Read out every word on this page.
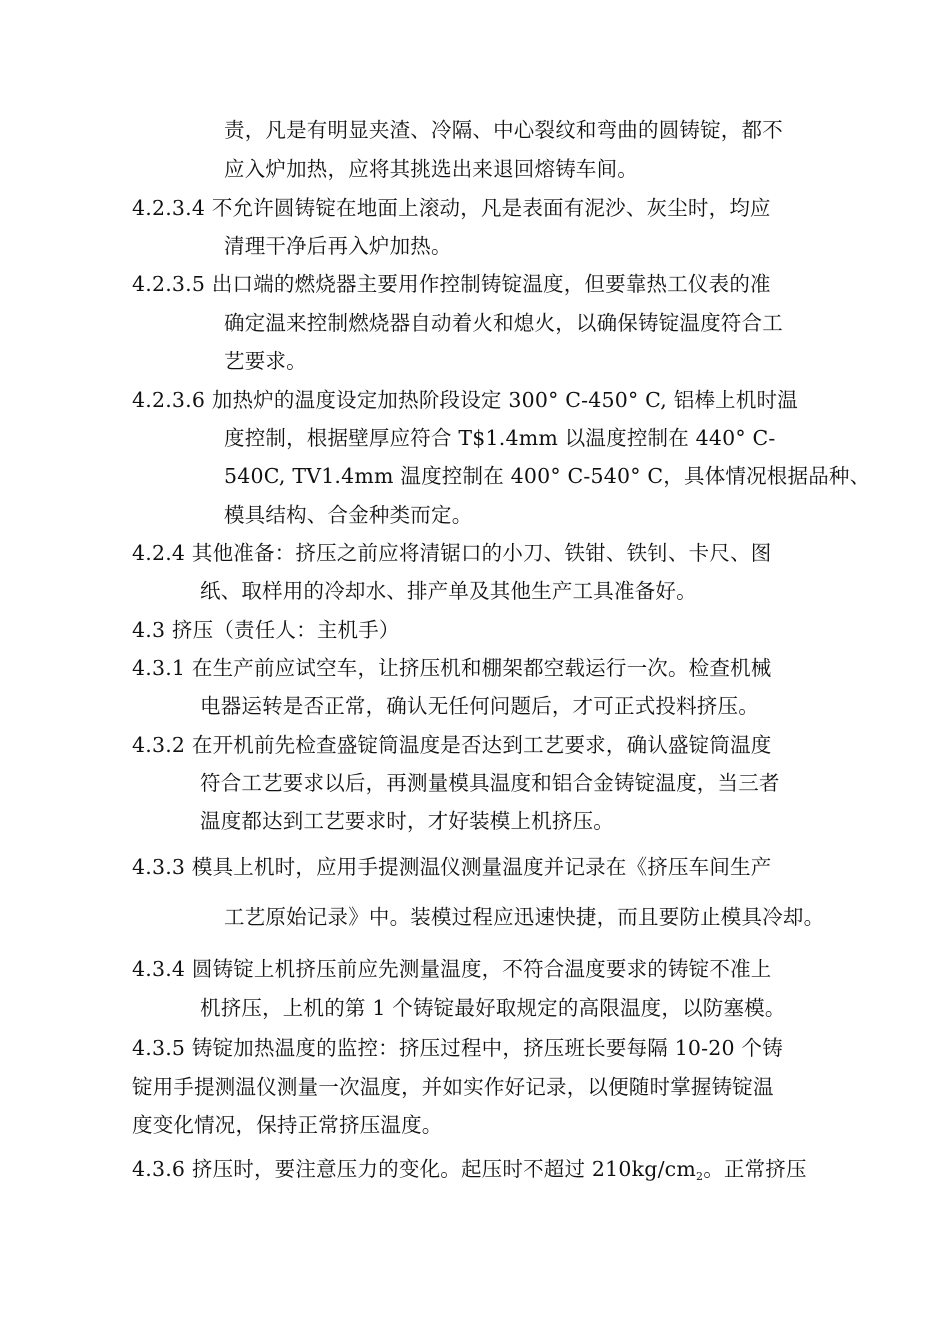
责，凡是有明显夹渣、冷隔、中心裂纹和弯曲的圆铸锭，都不
应入炉加热，应将其挑选出来退回熔铸车间。
4.2.3.4 不允许圆铸锭在地面上滚动，凡是表面有泥沙、灰尘时，均应
清理干净后再入炉加热。
4.2.3.5 出口端的燃烧器主要用作控制铸锭温度，但要靠热工仪表的准
确定温来控制燃烧器自动着火和熄火，以确保铸锭温度符合工
艺要求。
4.2.3.6 加热炉的温度设定加热阶段设定 300° C-450° C, 铝棒上机时温
度控制，根据壁厚应符合 T$1.4mm 以温度控制在 440° C-
540C, TV1.4mm 温度控制在 400° C-540° C，具体情况根据品种、
模具结构、合金种类而定。
4.2.4 其他准备：挤压之前应将清锯口的小刀、铁钳、铁钊、卡尺、图
纸、取样用的冷却水、排产单及其他生产工具准备好。
4.3 挤压（责任人：主机手）
4.3.1 在生产前应试空车，让挤压机和棚架都空载运行一次。检查机械
电器运转是否正常，确认无任何问题后，才可正式投料挤压。
4.3.2 在开机前先检查盛锭筒温度是否达到工艺要求，确认盛锭筒温度
符合工艺要求以后，再测量模具温度和铝合金铸锭温度，当三者
温度都达到工艺要求时，才好装模上机挤压。
4.3.3 模具上机时，应用手提测温仪测量温度并记录在《挤压车间生产
工艺原始记录》中。装模过程应迅速快捷，而且要防止模具冷却。
4.3.4 圆铸锭上机挤压前应先测量温度，不符合温度要求的铸锭不准上
机挤压，上机的第 1 个铸锭最好取规定的高限温度，以防塞模。
4.3.5 铸锭加热温度的监控：挤压过程中，挤压班长要每隔 10-20 个铸
锭用手提测温仪测量一次温度，并如实作好记录，以便随时掌握铸锭温
度变化情况，保持正常挤压温度。
4.3.6 挤压时，要注意压力的变化。起压时不超过 $210kg/cm_2$。正常挤压
